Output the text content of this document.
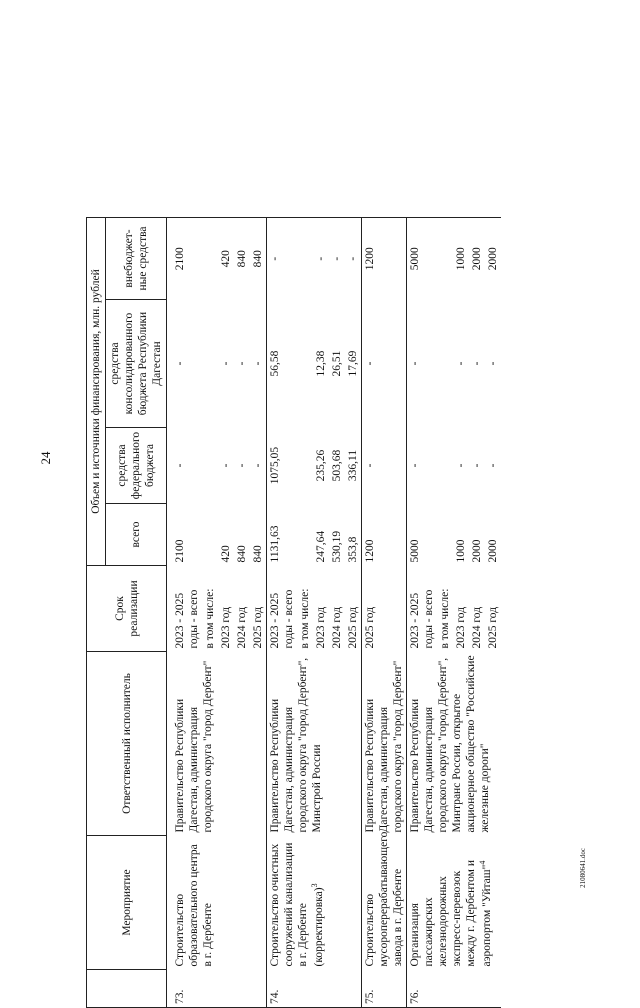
24
21080641.doc
	Мероприятие	Ответственный исполнитель	Срок реализации	Объем и источники финансирования, млн. рублей			
				всего	средства федерального бюджета	средства консолидированного бюджета Республики Дагестан	внебюджет-ные средства
73.	Строительство образовательного центра в г. Дербенте	Правительство Республики Дагестан, администрация городского округа "город Дербент"	2023 - 2025 годы - всего	2100	-	-	2100
			в том числе:				
			2023 год	420	-	-	420
			2024 год	840	-	-	840
			2025 год	840	-	-	840
74.	Строительство очистных сооружений канализации в г. Дербенте (корректировка)$^3$	Правительство Республики Дагестан, администрация городского округа "город Дербент", Минстрой России	2023 - 2025 годы - всего	1131,63	1075,05	56,58	-
			в том числе:				
			2023 год	247,64	235,26	12,38	-
			2024 год	530,19	503,68	26,51	-
			2025 год	353,8	336,11	17,69	-
75.	Строительство мусороперерабатывающего завода в г. Дербенте	Правительство Республики Дагестан, администрация городского округа "город Дербент"	2025 год	1200	-	-	1200
76.	Организация пассажирских железнодорожных экспресс-перевозок между г. Дербентом и аэропортом "Уйташ"$^4$	Правительство Республики Дагестан, администрация городского округа "город Дербент", Минтранс России, открытое акционерное общество "Российские железные дороги"	2023 - 2025 годы - всего	5000	-	-	5000
			в том числе:				
			2023 год	1000	-	-	1000
			2024 год	2000	-	-	2000
			2025 год	2000	-	-	2000
